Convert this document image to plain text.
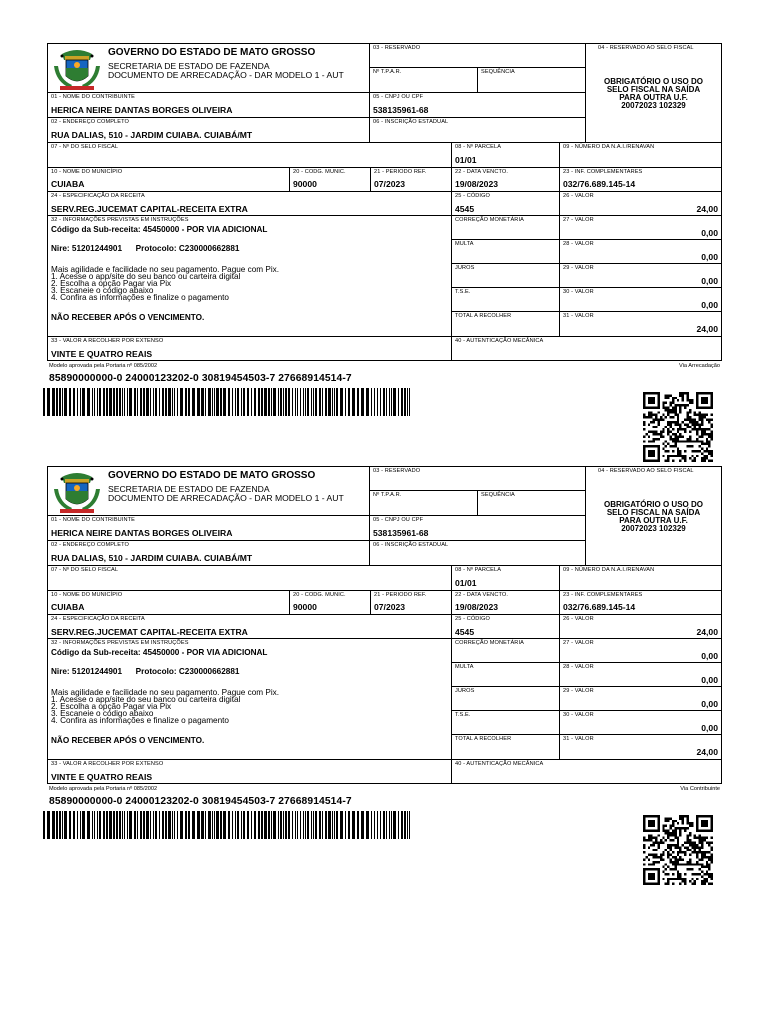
GOVERNO DO ESTADO DE MATO GROSSO
SECRETARIA DE ESTADO DE FAZENDA
DOCUMENTO DE ARRECADAÇÃO - DAR MODELO 1 - AUT
03 - RESERVADO
Nº T.P.A.R.	SEQUÊNCIA
04 - RESERVADO AO SELO FISCAL
OBRIGATÓRIO O USO DO
SELO FISCAL NA SAÍDA
PARA OUTRA U.F.
20072023 102329
01 - NOME DO CONTRIBUINTE
HERICA NEIRE DANTAS BORGES OLIVEIRA
05 - CNPJ OU CPF
538135961-68
02 - ENDEREÇO COMPLETO
RUA DALIAS, 510 - JARDIM CUIABA. CUIABÁ/MT
06 - INSCRIÇÃO ESTADUAL
07 - Nº DO SELO FISCAL	08 - Nº PARCELA
01/01
09 - NÚMERO DA N.A.I./RENAVAN
10 - NOME DO MUNICÍPIO
CUIABA
20 - CODG. MUNIC.
90000
21 - PERIODO REF.
07/2023
22 - DATA VENCTO.
19/08/2023
23 - INF. COMPLEMENTARES
032/76.689.145-14
24 - ESPECIFICAÇÃO DA RECEITA
SERV.REG.JUCEMAT CAPITAL-RECEITA EXTRA
32 - INFORMAÇÕES PREVISTAS EM INSTRUÇÕES
Código da Sub-receita: 45450000 - POR VIA ADICIONAL
Nire: 51201244901      Protocolo: C230000662881
Mais agilidade e facilidade no seu pagamento. Pague com Pix.
1. Acesse o app/site do seu banco ou carteira digital
2. Escolha a opção Pagar via Pix
3. Escaneie o código abaixo
4. Confira as informações e finalize o pagamento
NÃO RECEBER APÓS O VENCIMENTO.
25 - CÓDIGO
4545
26 - VALOR
24,00
CORREÇÃO MONETÁRIA	27 - VALOR
0,00
MULTA	28 - VALOR
0,00
JUROS	29 - VALOR
0,00
T.S.E.	30 - VALOR
0,00
TOTAL A RECOLHER	31 - VALOR
24,00
33 - VALOR A RECOLHER POR EXTENSO
VINTE E QUATRO REAIS
40 - AUTENTICAÇÃO MECÂNICA
Modelo aprovada pela Portaria nº 085/2002	Via Arrecadação
85890000000-0 24000123202-0 30819454503-7 27668914514-7
GOVERNO DO ESTADO DE MATO GROSSO
SECRETARIA DE ESTADO DE FAZENDA
DOCUMENTO DE ARRECADAÇÃO - DAR MODELO 1 - AUT
03 - RESERVADO
Nº T.P.A.R.	SEQUÊNCIA
04 - RESERVADO AO SELO FISCAL
OBRIGATÓRIO O USO DO
SELO FISCAL NA SAÍDA
PARA OUTRA U.F.
20072023 102329
01 - NOME DO CONTRIBUINTE
HERICA NEIRE DANTAS BORGES OLIVEIRA
05 - CNPJ OU CPF
538135961-68
02 - ENDEREÇO COMPLETO
RUA DALIAS, 510 - JARDIM CUIABA. CUIABÁ/MT
06 - INSCRIÇÃO ESTADUAL
07 - Nº DO SELO FISCAL	08 - Nº PARCELA
01/01
09 - NÚMERO DA N.A.I./RENAVAN
10 - NOME DO MUNICÍPIO
CUIABA
20 - CODG. MUNIC.
90000
21 - PERIODO REF.
07/2023
22 - DATA VENCTO.
19/08/2023
23 - INF. COMPLEMENTARES
032/76.689.145-14
24 - ESPECIFICAÇÃO DA RECEITA
SERV.REG.JUCEMAT CAPITAL-RECEITA EXTRA
32 - INFORMAÇÕES PREVISTAS EM INSTRUÇÕES
Código da Sub-receita: 45450000 - POR VIA ADICIONAL
Nire: 51201244901      Protocolo: C230000662881
Mais agilidade e facilidade no seu pagamento. Pague com Pix.
1. Acesse o app/site do seu banco ou carteira digital
2. Escolha a opção Pagar via Pix
3. Escaneie o código abaixo
4. Confira as informações e finalize o pagamento
NÃO RECEBER APÓS O VENCIMENTO.
25 - CÓDIGO
4545
26 - VALOR
24,00
CORREÇÃO MONETÁRIA	27 - VALOR
0,00
MULTA	28 - VALOR
0,00
JUROS	29 - VALOR
0,00
T.S.E.	30 - VALOR
0,00
TOTAL A RECOLHER	31 - VALOR
24,00
33 - VALOR A RECOLHER POR EXTENSO
VINTE E QUATRO REAIS
40 - AUTENTICAÇÃO MECÂNICA
Modelo aprovada pela Portaria nº 085/2002	Via Contribuinte
85890000000-0 24000123202-0 30819454503-7 27668914514-7
